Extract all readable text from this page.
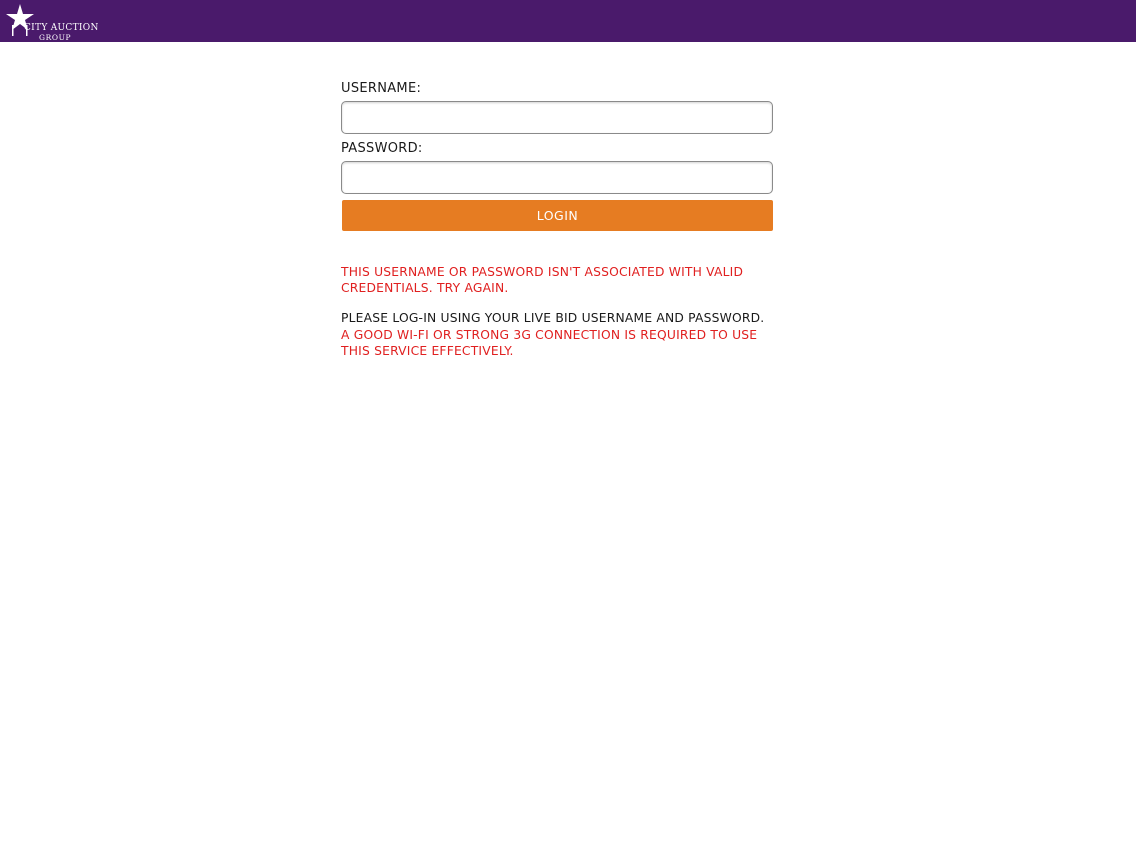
CITY AUCTION
GROUP
USERNAME:
PASSWORD:
LOGIN
THIS USERNAME OR PASSWORD ISN'T ASSOCIATED WITH VALID CREDENTIALS. TRY AGAIN.
PLEASE LOG-IN USING YOUR LIVE BID USERNAME AND PASSWORD.
A GOOD WI-FI OR STRONG 3G CONNECTION IS REQUIRED TO USE THIS SERVICE EFFECTIVELY.
